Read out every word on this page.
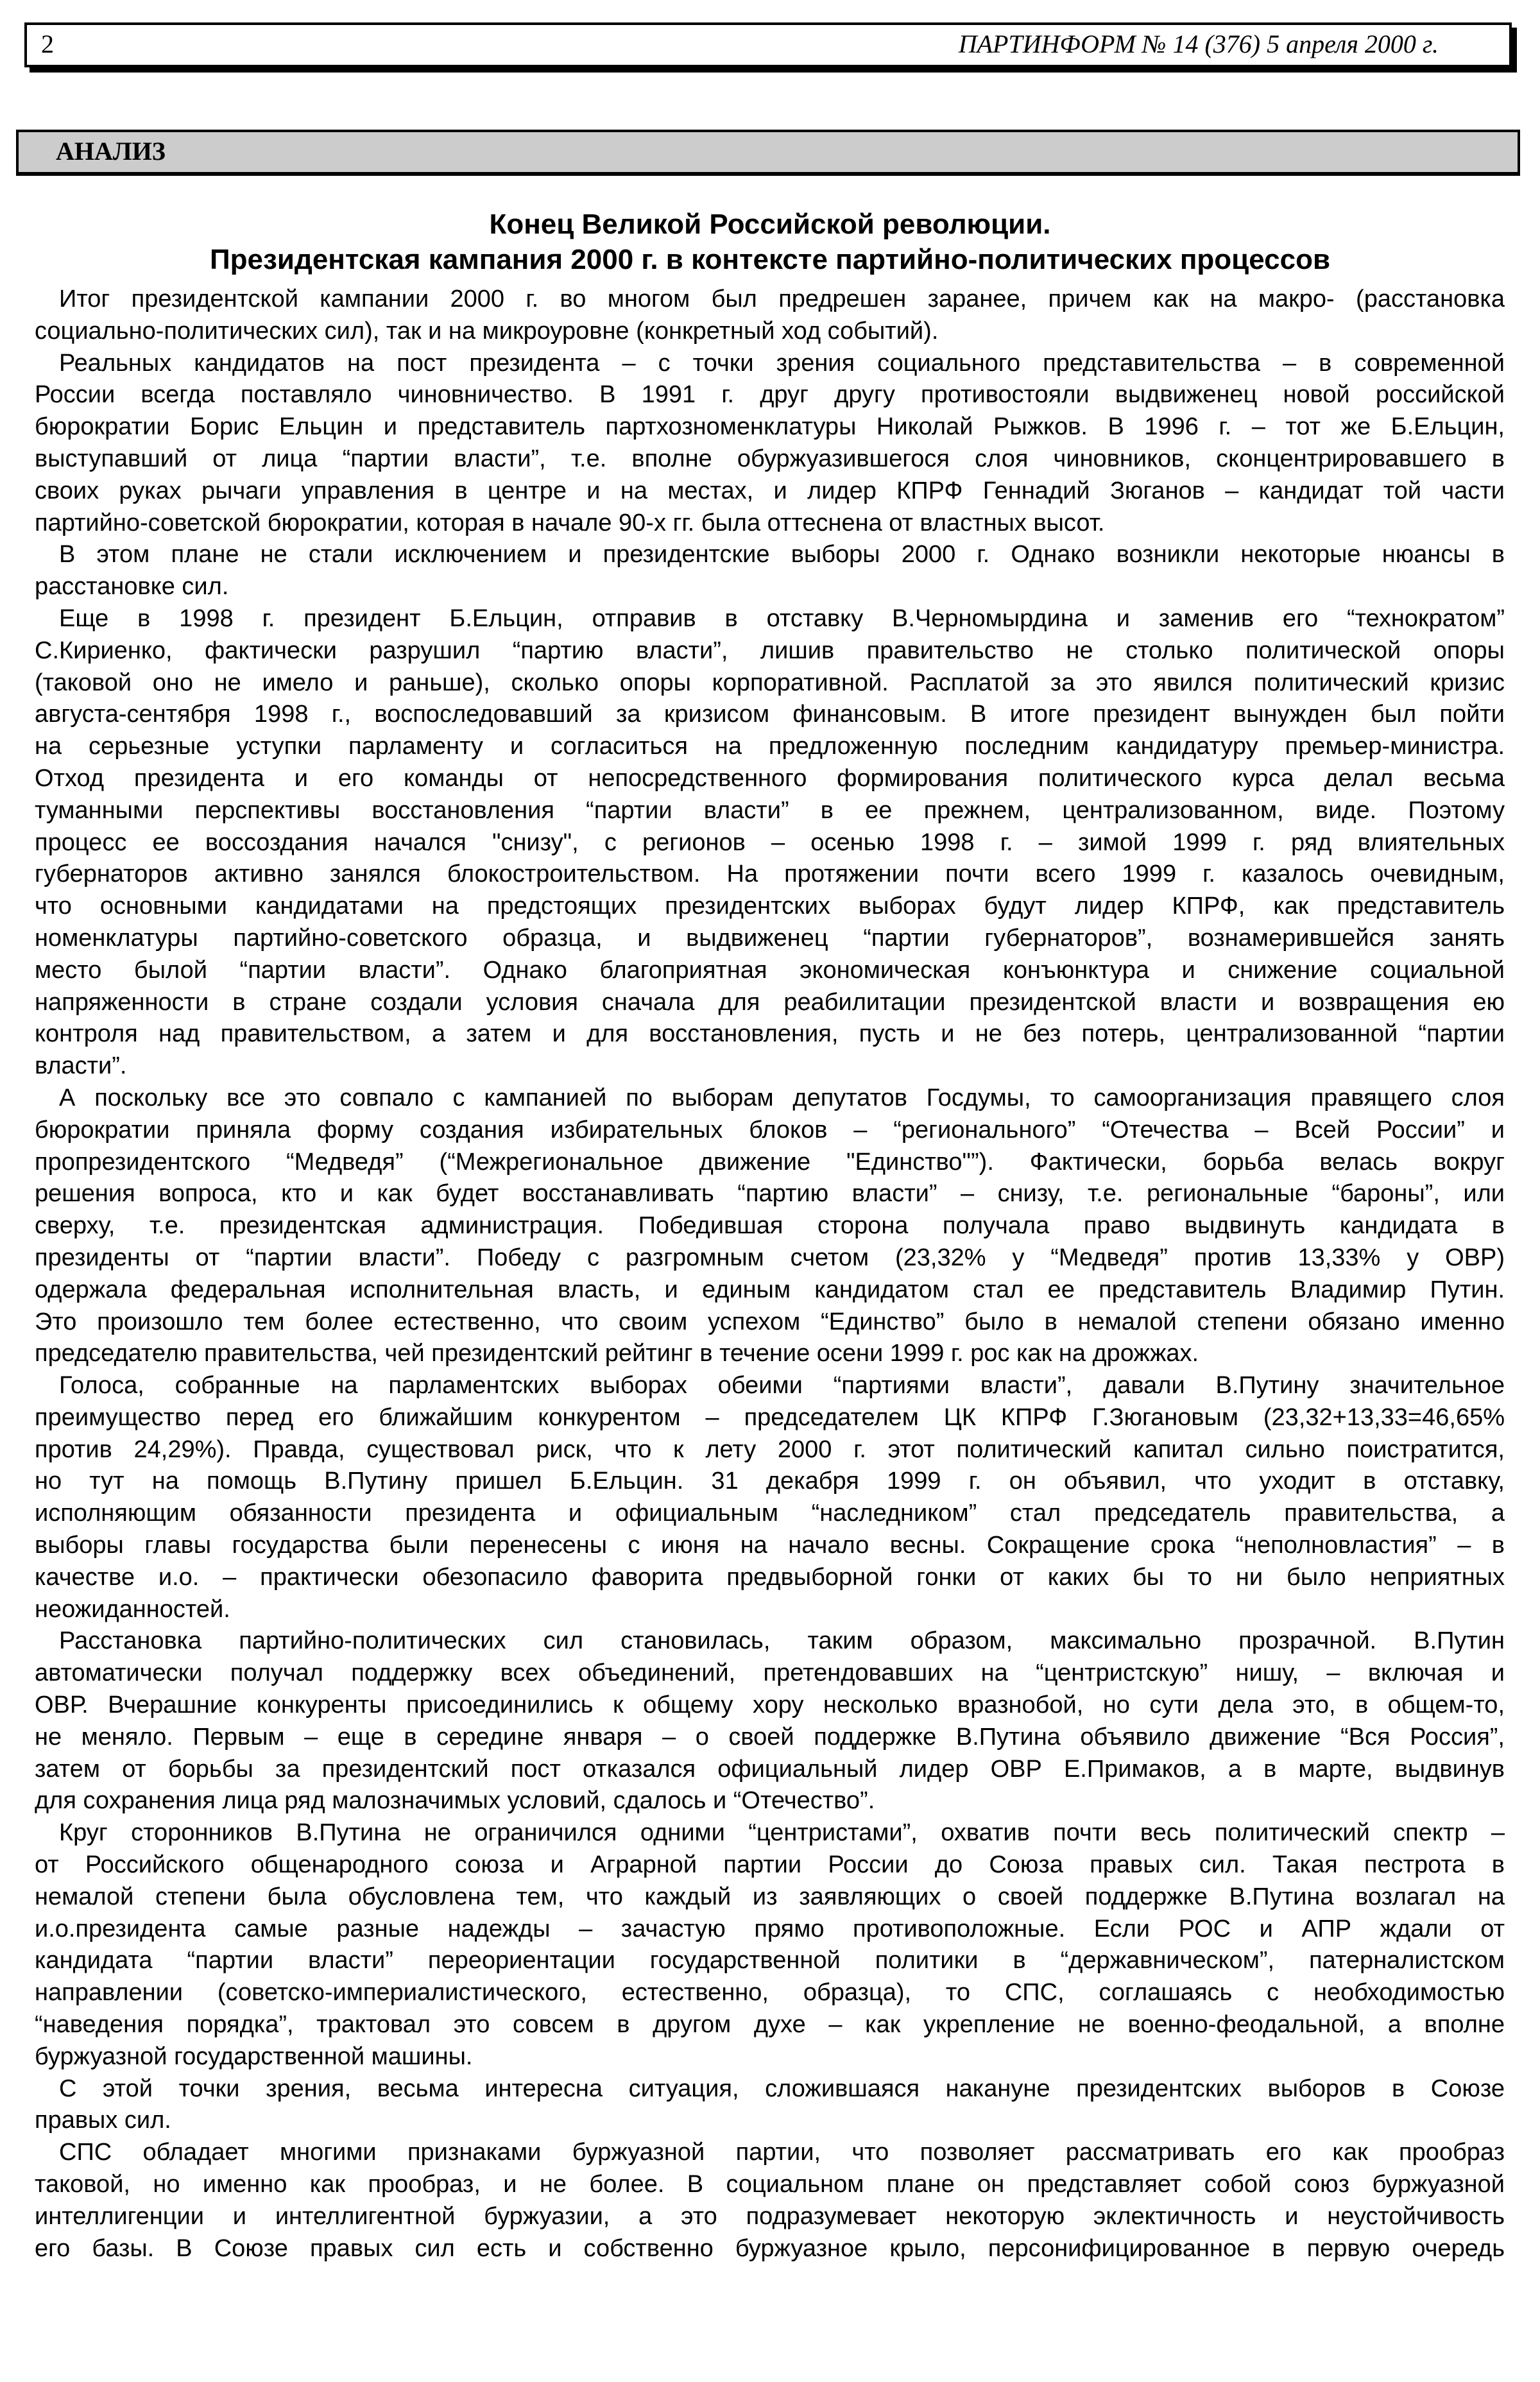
2	ПАРТИНФОРМ № 14 (376) 5 апреля 2000 г.
АНАЛИЗ
Конец Великой Российской революции.
Президентская кампания 2000 г. в контексте партийно-политических процессов
Итог президентской кампании 2000 г. во многом был предрешен заранее, причем как на макро- (расстановка
социально-политических сил), так и на микроуровне (конкретный ход событий).
Реальных кандидатов на пост президента – с точки зрения социального представительства – в современной
России всегда поставляло чиновничество. В 1991 г. друг другу противостояли выдвиженец новой российской
бюрократии Борис Ельцин и представитель партхозноменклатуры Николай Рыжков. В 1996 г. – тот же Б.Ельцин,
выступавший от лица “партии власти”, т.е. вполне обуржуазившегося слоя чиновников, сконцентрировавшего в
своих руках рычаги управления в центре и на местах, и лидер КПРФ Геннадий Зюганов – кандидат той части
партийно-советской бюрократии, которая в начале 90-х гг. была оттеснена от властных высот.
В этом плане не стали исключением и президентские выборы 2000 г. Однако возникли некоторые нюансы в
расстановке сил.
Еще в 1998 г. президент Б.Ельцин, отправив в отставку В.Черномырдина и заменив его “технократом”
С.Кириенко, фактически разрушил “партию власти”, лишив правительство не столько политической опоры
(таковой оно не имело и раньше), сколько опоры корпоративной. Расплатой за это явился политический кризис
августа-сентября 1998 г., воспоследовавший за кризисом финансовым. В итоге президент вынужден был пойти
на серьезные уступки парламенту и согласиться на предложенную последним кандидатуру премьер-министра.
Отход президента и его команды от непосредственного формирования политического курса делал весьма
туманными перспективы восстановления “партии власти” в ее прежнем, централизованном, виде. Поэтому
процесс ее воссоздания начался "снизу", с регионов – осенью 1998 г. – зимой 1999 г. ряд влиятельных
губернаторов активно занялся блокостроительством. На протяжении почти всего 1999 г. казалось очевидным,
что основными кандидатами на предстоящих президентских выборах будут лидер КПРФ, как представитель
номенклатуры партийно-советского образца, и выдвиженец “партии губернаторов”, вознамерившейся занять
место былой “партии власти”. Однако благоприятная экономическая конъюнктура и снижение социальной
напряженности в стране создали условия сначала для реабилитации президентской власти и возвращения ею
контроля над правительством, а затем и для восстановления, пусть и не без потерь, централизованной “партии
власти”.
А поскольку все это совпало с кампанией по выборам депутатов Госдумы, то самоорганизация правящего слоя
бюрократии приняла форму создания избирательных блоков – “регионального” “Отечества – Всей России” и
пропрезидентского “Медведя” (“Межрегиональное движение "Единство"”). Фактически, борьба велась вокруг
решения вопроса, кто и как будет восстанавливать “партию власти” – снизу, т.е. региональные “бароны”, или
сверху, т.е. президентская администрация. Победившая сторона получала право выдвинуть кандидата в
президенты от “партии власти”. Победу с разгромным счетом (23,32% у “Медведя” против 13,33% у ОВР)
одержала федеральная исполнительная власть, и единым кандидатом стал ее представитель Владимир Путин.
Это произошло тем более естественно, что своим успехом “Единство” было в немалой степени обязано именно
председателю правительства, чей президентский рейтинг в течение осени 1999 г. рос как на дрожжах.
Голоса, собранные на парламентских выборах обеими “партиями власти”, давали В.Путину значительное
преимущество перед его ближайшим конкурентом – председателем ЦК КПРФ Г.Зюгановым (23,32+13,33=46,65%
против 24,29%). Правда, существовал риск, что к лету 2000 г. этот политический капитал сильно поистратится,
но тут на помощь В.Путину пришел Б.Ельцин. 31 декабря 1999 г. он объявил, что уходит в отставку,
исполняющим обязанности президента и официальным “наследником” стал председатель правительства, а
выборы главы государства были перенесены с июня на начало весны. Сокращение срока “неполновластия” – в
качестве и.о. – практически обезопасило фаворита предвыборной гонки от каких бы то ни было неприятных
неожиданностей.
Расстановка партийно-политических сил становилась, таким образом, максимально прозрачной. В.Путин
автоматически получал поддержку всех объединений, претендовавших на “центристскую” нишу, – включая и
ОВР. Вчерашние конкуренты присоединились к общему хору несколько вразнобой, но сути дела это, в общем-то,
не меняло. Первым – еще в середине января – о своей поддержке В.Путина объявило движение “Вся Россия”,
затем от борьбы за президентский пост отказался официальный лидер ОВР Е.Примаков, а в марте, выдвинув
для сохранения лица ряд малозначимых условий, сдалось и “Отечество”.
Круг сторонников В.Путина не ограничился одними “центристами”, охватив почти весь политический спектр –
от Российского общенародного союза и Аграрной партии России до Союза правых сил. Такая пестрота в
немалой степени была обусловлена тем, что каждый из заявляющих о своей поддержке В.Путина возлагал на
и.о.президента самые разные надежды – зачастую прямо противоположные. Если РОС и АПР ждали от
кандидата “партии власти” переориентации государственной политики в “державническом”, патерналистском
направлении (советско-империалистического, естественно, образца), то СПС, соглашаясь с необходимостью
“наведения порядка”, трактовал это совсем в другом духе – как укрепление не военно-феодальной, а вполне
буржуазной государственной машины.
С этой точки зрения, весьма интересна ситуация, сложившаяся накануне президентских выборов в Союзе
правых сил.
СПС обладает многими признаками буржуазной партии, что позволяет рассматривать его как прообраз
таковой, но именно как прообраз, и не более. В социальном плане он представляет собой союз буржуазной
интеллигенции и интеллигентной буржуазии, а это подразумевает некоторую эклектичность и неустойчивость
его базы. В Союзе правых сил есть и собственно буржуазное крыло, персонифицированное в первую очередь
